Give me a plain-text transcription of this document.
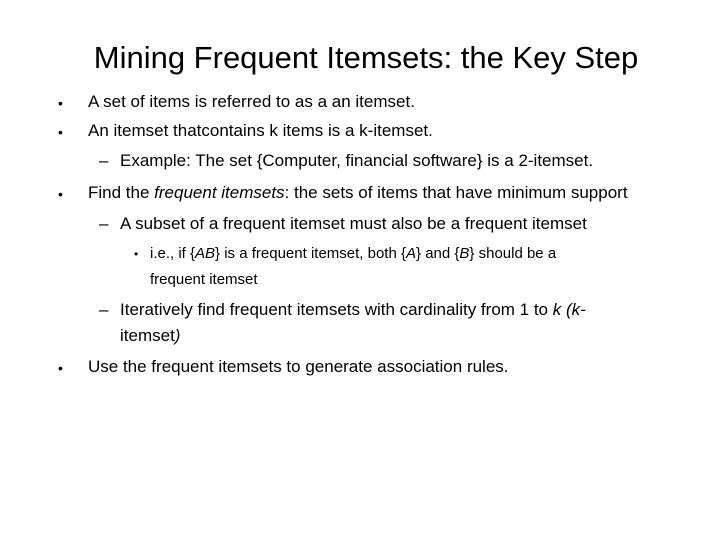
Mining Frequent Itemsets: the Key Step
• A set of items is referred to as a an itemset.
• An itemset thatcontains k items is a k-itemset.
– Example: The set {Computer, financial software} is a 2-itemset.
• Find the frequent itemsets: the sets of items that have minimum support
– A subset of a frequent itemset must also be a frequent itemset
• i.e., if {AB} is a frequent itemset, both {A} and {B} should be a
frequent itemset
– Iteratively find frequent itemsets with cardinality from 1 to k (k-
itemset)
• Use the frequent itemsets to generate association rules.
